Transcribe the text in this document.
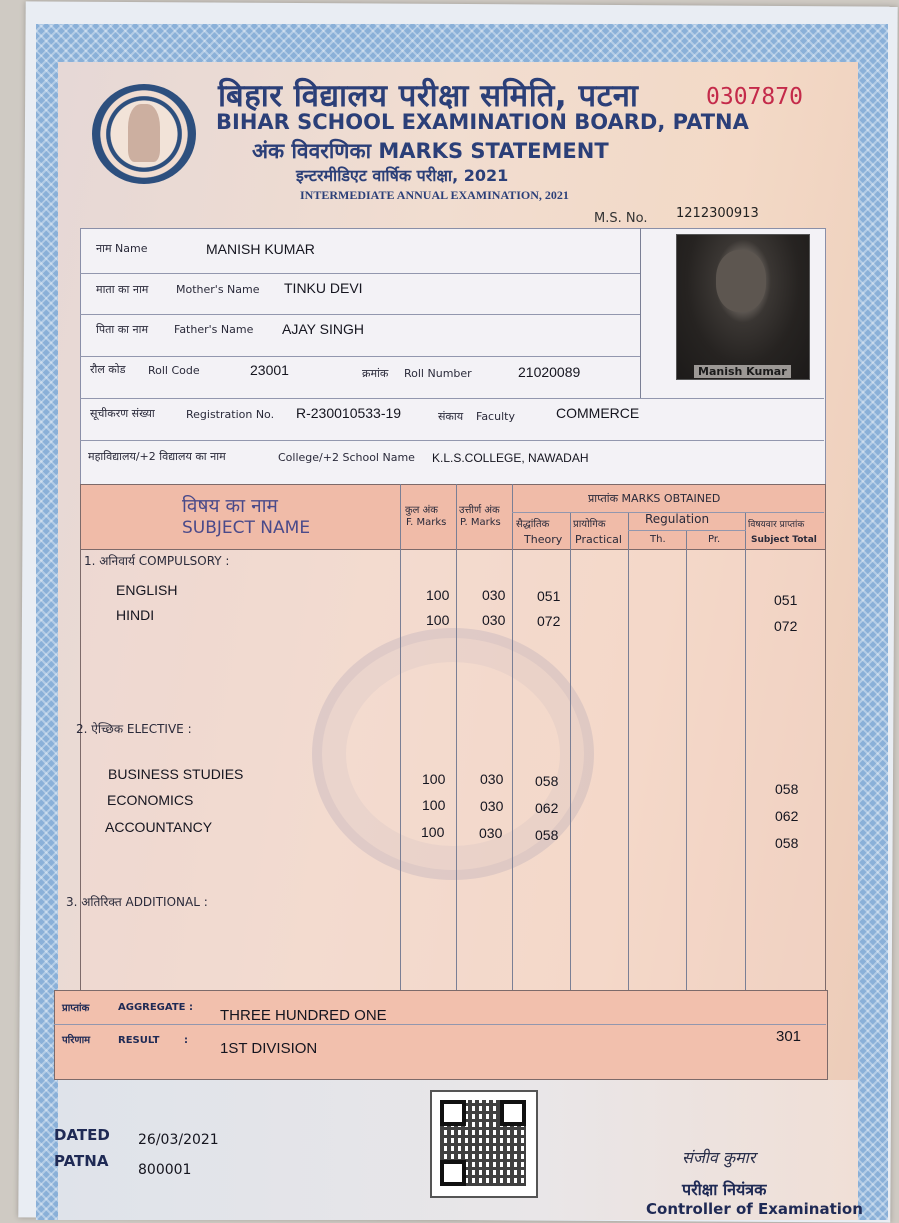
बिहार विद्यालय परीक्षा समिति, पटना	0307870
BIHAR SCHOOL EXAMINATION BOARD, PATNA
अंक विवरणिका MARKS STATEMENT
इन्टरमीडिएट वार्षिक परीक्षा, 2021
INTERMEDIATE ANNUAL EXAMINATION, 2021
M.S. No. 1212300913
नाम Name	MANISH KUMAR
माता का नाम	Mother's Name TINKU DEVI
पिता का नाम Father's Name AJAY SINGH
रौल कोड Roll Code	23001	क्रमांक Roll Number	21020089
सूचीकरण संख्या	Registration No. R-230010533-19	संकाय Faculty	COMMERCE
महाविद्यालय/+2 विद्यालय का नाम	College/+2 School Name K.L.S.COLLEGE, NAWADAH
Manish Kumar
विषय का नाम
SUBJECT NAME
कुल अंक
F. Marks
उत्तीर्ण अंक
P. Marks
प्राप्तांक MARKS OBTAINED
सैद्धांतिक
Theory
प्रायोगिक
Practical
Regulation
Th.	Pr.
विषयवार प्राप्तांक
Subject Total
1. अनिवार्य COMPULSORY :
ENGLISH	100 030 051	051
HINDI	100 030 072	072
2. ऐच्छिक ELECTIVE :
BUSINESS STUDIES	100 030 058	058
ECONOMICS	100 030 062	062
ACCOUNTANCY	100 030 058	058
3. अतिरिक्त ADDITIONAL :
प्राप्तांक	AGGREGATE : THREE HUNDRED ONE
301
परिणाम	RESULT : 1ST DIVISION
DATED 26/03/2021
PATNA 800001
संजीव कुमार
परीक्षा नियंत्रक
Controller of Examination
